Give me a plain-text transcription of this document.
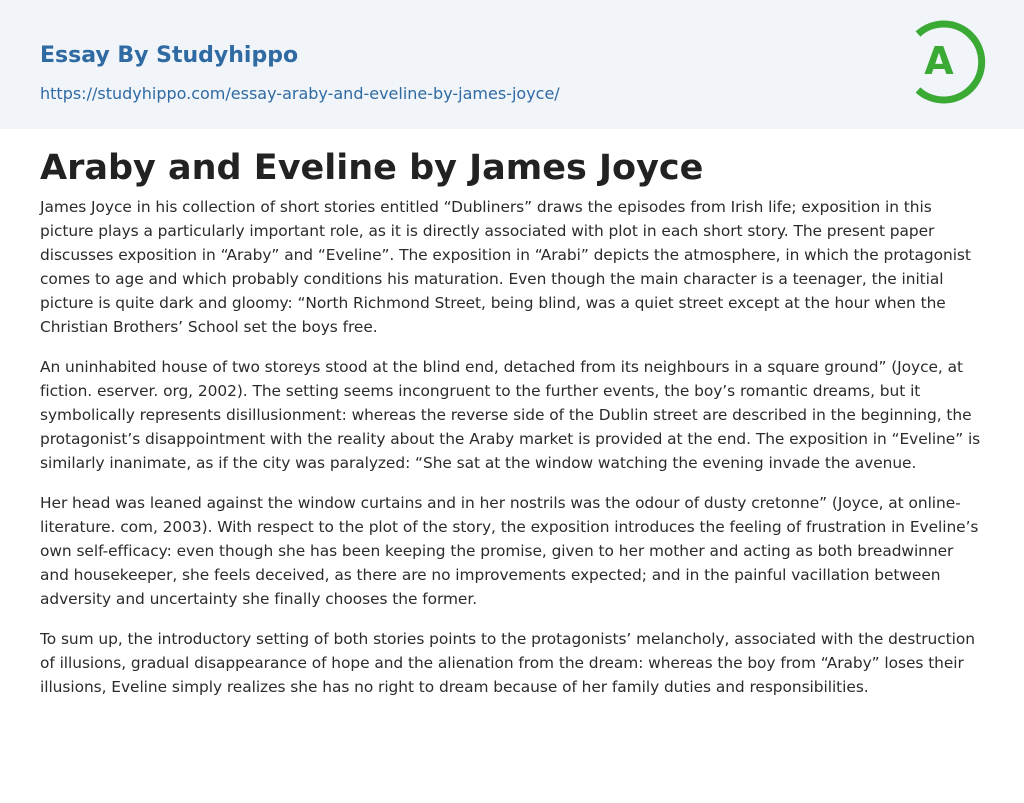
Essay By Studyhippo
https://studyhippo.com/essay-araby-and-eveline-by-james-joyce/
A
Araby and Eveline by James Joyce

James Joyce in his collection of short stories entitled “Dubliners” draws the episodes from Irish life; exposition in this picture plays a particularly important role, as it is directly associated with plot in each short story. The present paper discusses exposition in “Araby” and “Eveline”. The exposition in “Arabi” depicts the atmosphere, in which the protagonist comes to age and which probably conditions his maturation. Even though the main character is a teenager, the initial picture is quite dark and gloomy: “North Richmond Street, being blind, was a quiet street except at the hour when the Christian Brothers’ School set the boys free.

An uninhabited house of two storeys stood at the blind end, detached from its neighbours in a square ground” (Joyce, at fiction. eserver. org, 2002). The setting seems incongruent to the further events, the boy’s romantic dreams, but it symbolically represents disillusionment: whereas the reverse side of the Dublin street are described in the beginning, the protagonist’s disappointment with the reality about the Araby market is provided at the end. The exposition in “Eveline” is similarly inanimate, as if the city was paralyzed: “She sat at the window watching the evening invade the avenue.

Her head was leaned against the window curtains and in her nostrils was the odour of dusty cretonne” (Joyce, at online-literature. com, 2003). With respect to the plot of the story, the exposition introduces the feeling of frustration in Eveline’s own self-efficacy: even though she has been keeping the promise, given to her mother and acting as both breadwinner and housekeeper, she feels deceived, as there are no improvements expected; and in the painful vacillation between adversity and uncertainty she finally chooses the former.

To sum up, the introductory setting of both stories points to the protagonists’ melancholy, associated with the destruction of illusions, gradual disappearance of hope and the alienation from the dream: whereas the boy from “Araby” loses their illusions, Eveline simply realizes she has no right to dream because of her family duties and responsibilities.
